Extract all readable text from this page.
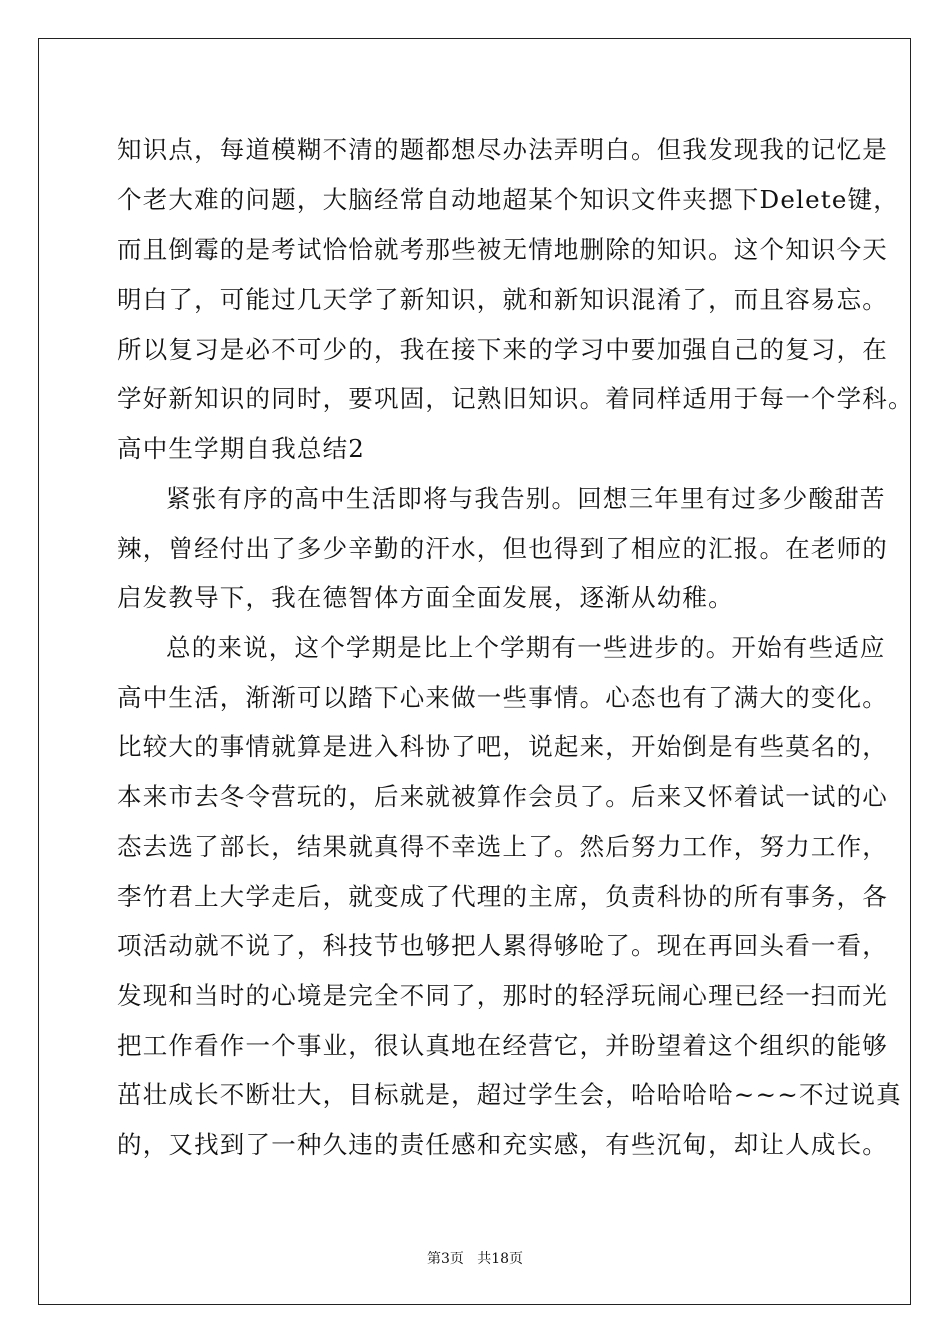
知识点，每道模糊不清的题都想尽办法弄明白。但我发现我的记忆是
个老大难的问题，大脑经常自动地超某个知识文件夹摁下Delete键，
而且倒霉的是考试恰恰就考那些被无情地删除的知识。这个知识今天
明白了，可能过几天学了新知识，就和新知识混淆了，而且容易忘。
所以复习是必不可少的，我在接下来的学习中要加强自己的复习，在
学好新知识的同时，要巩固，记熟旧知识。着同样适用于每一个学科。
高中生学期自我总结2
紧张有序的高中生活即将与我告别。回想三年里有过多少酸甜苦
辣，曾经付出了多少辛勤的汗水，但也得到了相应的汇报。在老师的
启发教导下，我在德智体方面全面发展，逐渐从幼稚。
总的来说，这个学期是比上个学期有一些进步的。开始有些适应
高中生活，渐渐可以踏下心来做一些事情。心态也有了满大的变化。
比较大的事情就算是进入科协了吧，说起来，开始倒是有些莫名的，
本来市去冬令营玩的，后来就被算作会员了。后来又怀着试一试的心
态去选了部长，结果就真得不幸选上了。然后努力工作，努力工作，
李竹君上大学走后，就变成了代理的主席，负责科协的所有事务，各
项活动就不说了，科技节也够把人累得够呛了。现在再回头看一看，
发现和当时的心境是完全不同了，那时的轻浮玩闹心理已经一扫而光
把工作看作一个事业，很认真地在经营它，并盼望着这个组织的能够
茁壮成长不断壮大，目标就是，超过学生会，哈哈哈哈~~~不过说真
的，又找到了一种久违的责任感和充实感，有些沉甸，却让人成长。
第3页   共18页
